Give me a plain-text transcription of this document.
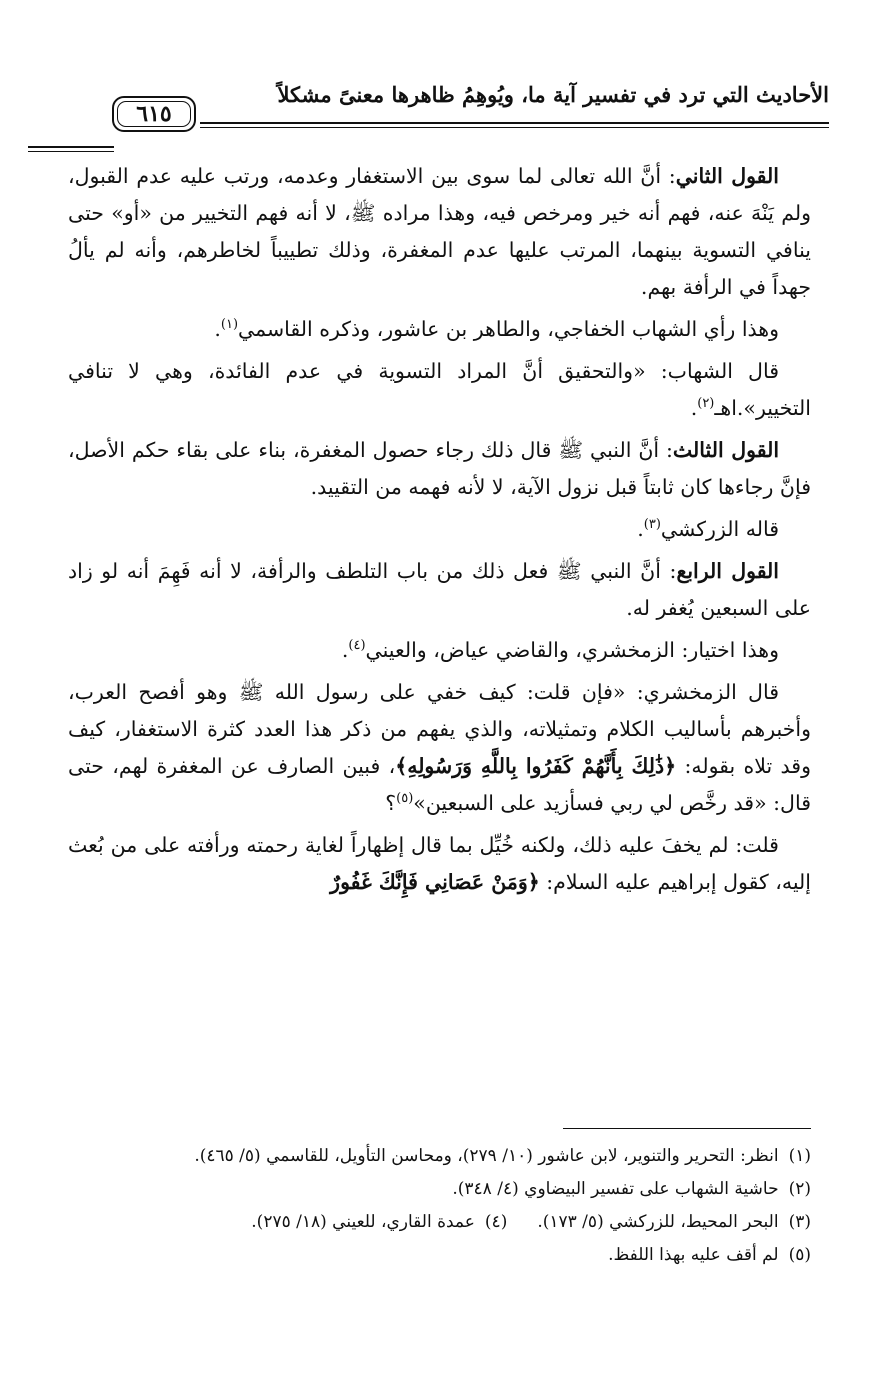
الأحاديث التي ترد في تفسير آية ما، ويُوهِمُ ظاهرها معنىً مشكلاً
٦١٥

القول الثاني: أنَّ الله تعالى لما سوى بين الاستغفار وعدمه، ورتب عليه عدم القبول، ولم يَنْهَ عنه، فهم أنه خير ومرخص فيه، وهذا مراده ﷺ، لا أنه فهم التخيير من «أو» حتى ينافي التسوية بينهما، المرتب عليها عدم المغفرة، وذلك تطييباً لخاطرهم، وأنه لم يألُ جهداً في الرأفة بهم.

وهذا رأي الشهاب الخفاجي، والطاهر بن عاشور، وذكره القاسمي$^{(١)}$.

قال الشهاب: «والتحقيق أنَّ المراد التسوية في عدم الفائدة، وهي لا تنافي التخيير».اهـ$^{(٢)}$.

القول الثالث: أنَّ النبي ﷺ قال ذلك رجاء حصول المغفرة، بناء على بقاء حكم الأصل، فإنَّ رجاءها كان ثابتاً قبل نزول الآية، لا لأنه فهمه من التقييد.

قاله الزركشي$^{(٣)}$.

القول الرابع: أنَّ النبي ﷺ فعل ذلك من باب التلطف والرأفة، لا أنه فَهِمَ أنه لو زاد على السبعين يُغفر له.

وهذا اختيار: الزمخشري، والقاضي عياض، والعيني$^{(٤)}$.

قال الزمخشري: «فإن قلت: كيف خفي على رسول الله ﷺ وهو أفصح العرب، وأخبرهم بأساليب الكلام وتمثيلاته، والذي يفهم من ذكر هذا العدد كثرة الاستغفار، كيف وقد تلاه بقوله: ﴿ذَٰلِكَ بِأَنَّهُمْ كَفَرُوا بِاللَّهِ وَرَسُولِهِ﴾، فبين الصارف عن المغفرة لهم، حتى قال: «قد رخَّص لي ربي فسأزيد على السبعين»$^{(٥)}$؟

قلت: لم يخفَ عليه ذلك، ولكنه خُيِّل بما قال إظهاراً لغاية رحمته ورأفته على من بُعث إليه، كقول إبراهيم عليه السلام: ﴿وَمَنْ عَصَانِي فَإِنَّكَ غَفُورٌ

(١)انظر: التحرير والتنوير، لابن عاشور (١٠/ ٢٧٩)، ومحاسن التأويل، للقاسمي (٥/ ٤٦٥).

(٢)حاشية الشهاب على تفسير البيضاوي (٤/ ٣٤٨).

(٣)البحر المحيط، للزركشي (٥/ ١٧٣).(٤)عمدة القاري، للعيني (١٨/ ٢٧٥).

(٥)لم أقف عليه بهذا اللفظ.
